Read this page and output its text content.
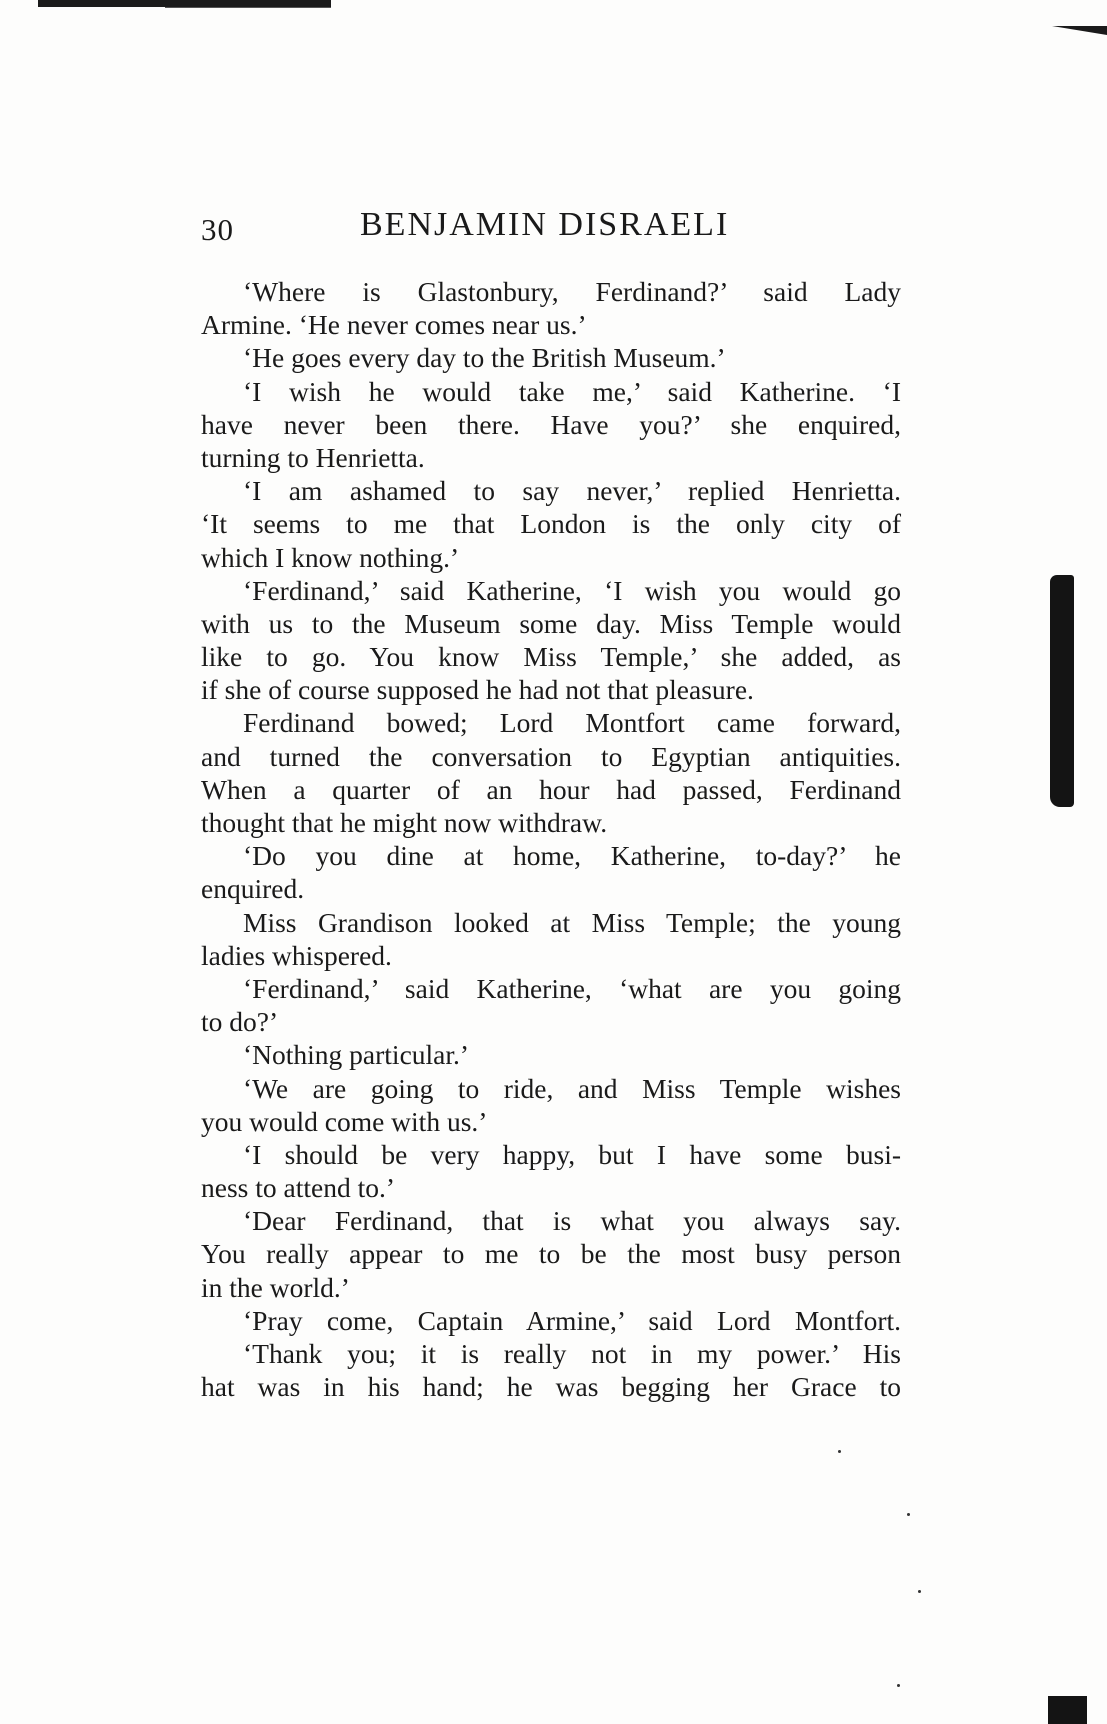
30	BENJAMIN DISRAELI
‘Where is Glastonbury, Ferdinand?’ said Lady
Armine. ‘He never comes near us.’
‘He goes every day to the British Museum.’
‘I wish he would take me,’ said Katherine. ‘I
have never been there. Have you?’ she enquired,
turning to Henrietta.
‘I am ashamed to say never,’ replied Henrietta.
‘It seems to me that London is the only city of
which I know nothing.’
‘Ferdinand,’ said Katherine, ‘I wish you would go
with us to the Museum some day. Miss Temple would
like to go. You know Miss Temple,’ she added, as
if she of course supposed he had not that pleasure.
Ferdinand bowed; Lord Montfort came forward,
and turned the conversation to Egyptian antiquities.
When a quarter of an hour had passed, Ferdinand
thought that he might now withdraw.
‘Do you dine at home, Katherine, to-day?’ he
enquired.
Miss Grandison looked at Miss Temple; the young
ladies whispered.
‘Ferdinand,’ said Katherine, ‘what are you going
to do?’
‘Nothing particular.’
‘We are going to ride, and Miss Temple wishes
you would come with us.’
‘I should be very happy, but I have some busi-
ness to attend to.’
‘Dear Ferdinand, that is what you always say.
You really appear to me to be the most busy person
in the world.’
‘Pray come, Captain Armine,’ said Lord Montfort.
‘Thank you; it is really not in my power.’ His
hat was in his hand; he was begging her Grace to
